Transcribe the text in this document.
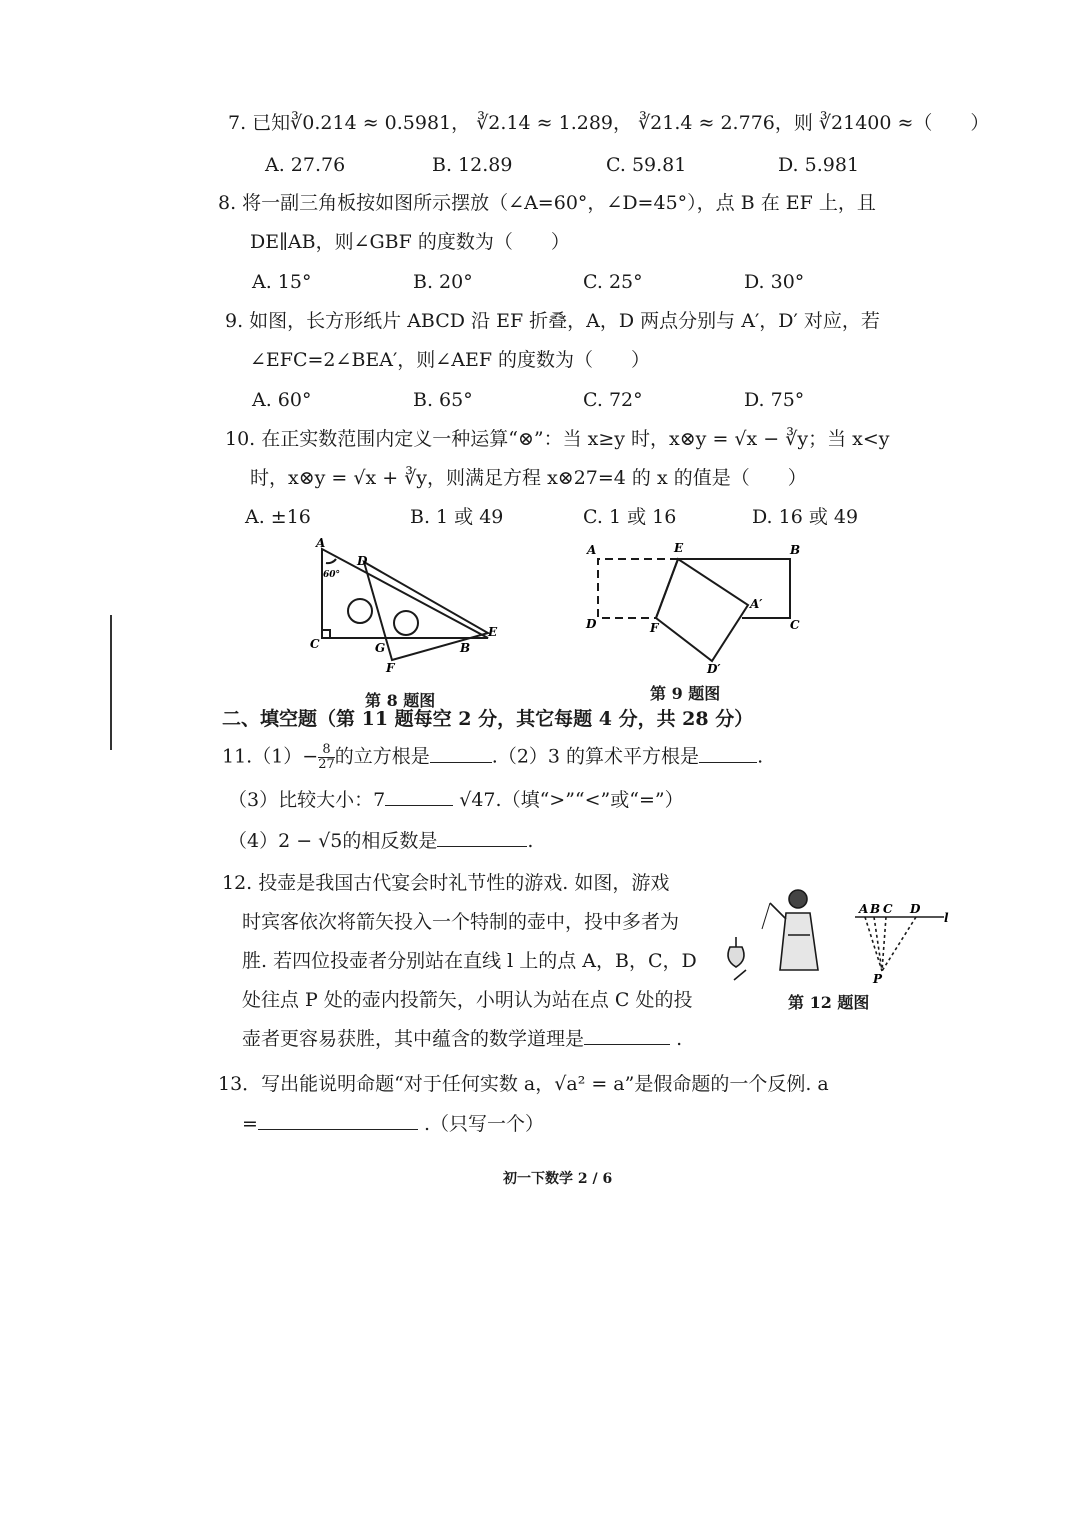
7. 已知∛0.214 ≈ 0.5981， ∛2.14 ≈ 1.289， ∛21.4 ≈ 2.776，则 ∛21400 ≈（　　）
A. 27.76	B. 12.89	C. 59.81	D. 5.981
8. 将一副三角板按如图所示摆放（∠A=60°，∠D=45°），点 B 在 EF 上，且
DE∥AB，则∠GBF 的度数为（　　）
A. 15°	B. 20°	C. 25°	D. 30°
9. 如图，长方形纸片 ABCD 沿 EF 折叠，A，D 两点分别与 A′，D′ 对应，若
∠EFC=2∠BEA′，则∠AEF 的度数为（　　）
A. 60°	B. 65°	C. 72°	D. 75°
10. 在正实数范围内定义一种运算“⊗”：当 x≥y 时，x⊗y = √x − ∛y；当 x<y
时，x⊗y = √x + ∛y，则满足方程 x⊗27=4 的 x 的值是（　　）
A. ±16	B. 1 或 49	C. 1 或 16	D. 16 或 49
A
D
C	G
F
B
E
60°
第 8 题图
A	E	B
D	F	C
A′
D′
第 9 题图
二、填空题（第 11 题每空 2 分，其它每题 4 分，共 28 分）
$11.(1)- \frac{8}{27}$ 的立方根是	.（2）3 的算术平方根是	.
（3）比较大小：7	√47.（填“>”“<”或“=”）
（4）2 − √5的相反数是	.
12. 投壶是我国古代宴会时礼节性的游戏. 如图，游戏
时宾客依次将箭矢投入一个特制的壶中，投中多者为
胜. 若四位投壶者分别站在直线 l 上的点 A，B，C，D
处往点 P 处的壶内投箭矢，小明认为站在点 C 处的投
壶者更容易获胜，其中蕴含的数学道理是	.
A B C D
l
P
第 12 题图
13．写出能说明命题“对于任何实数 a，√a² = a”是假命题的一个反例. a
=	.（只写一个）
初一下数学 2 / 6
